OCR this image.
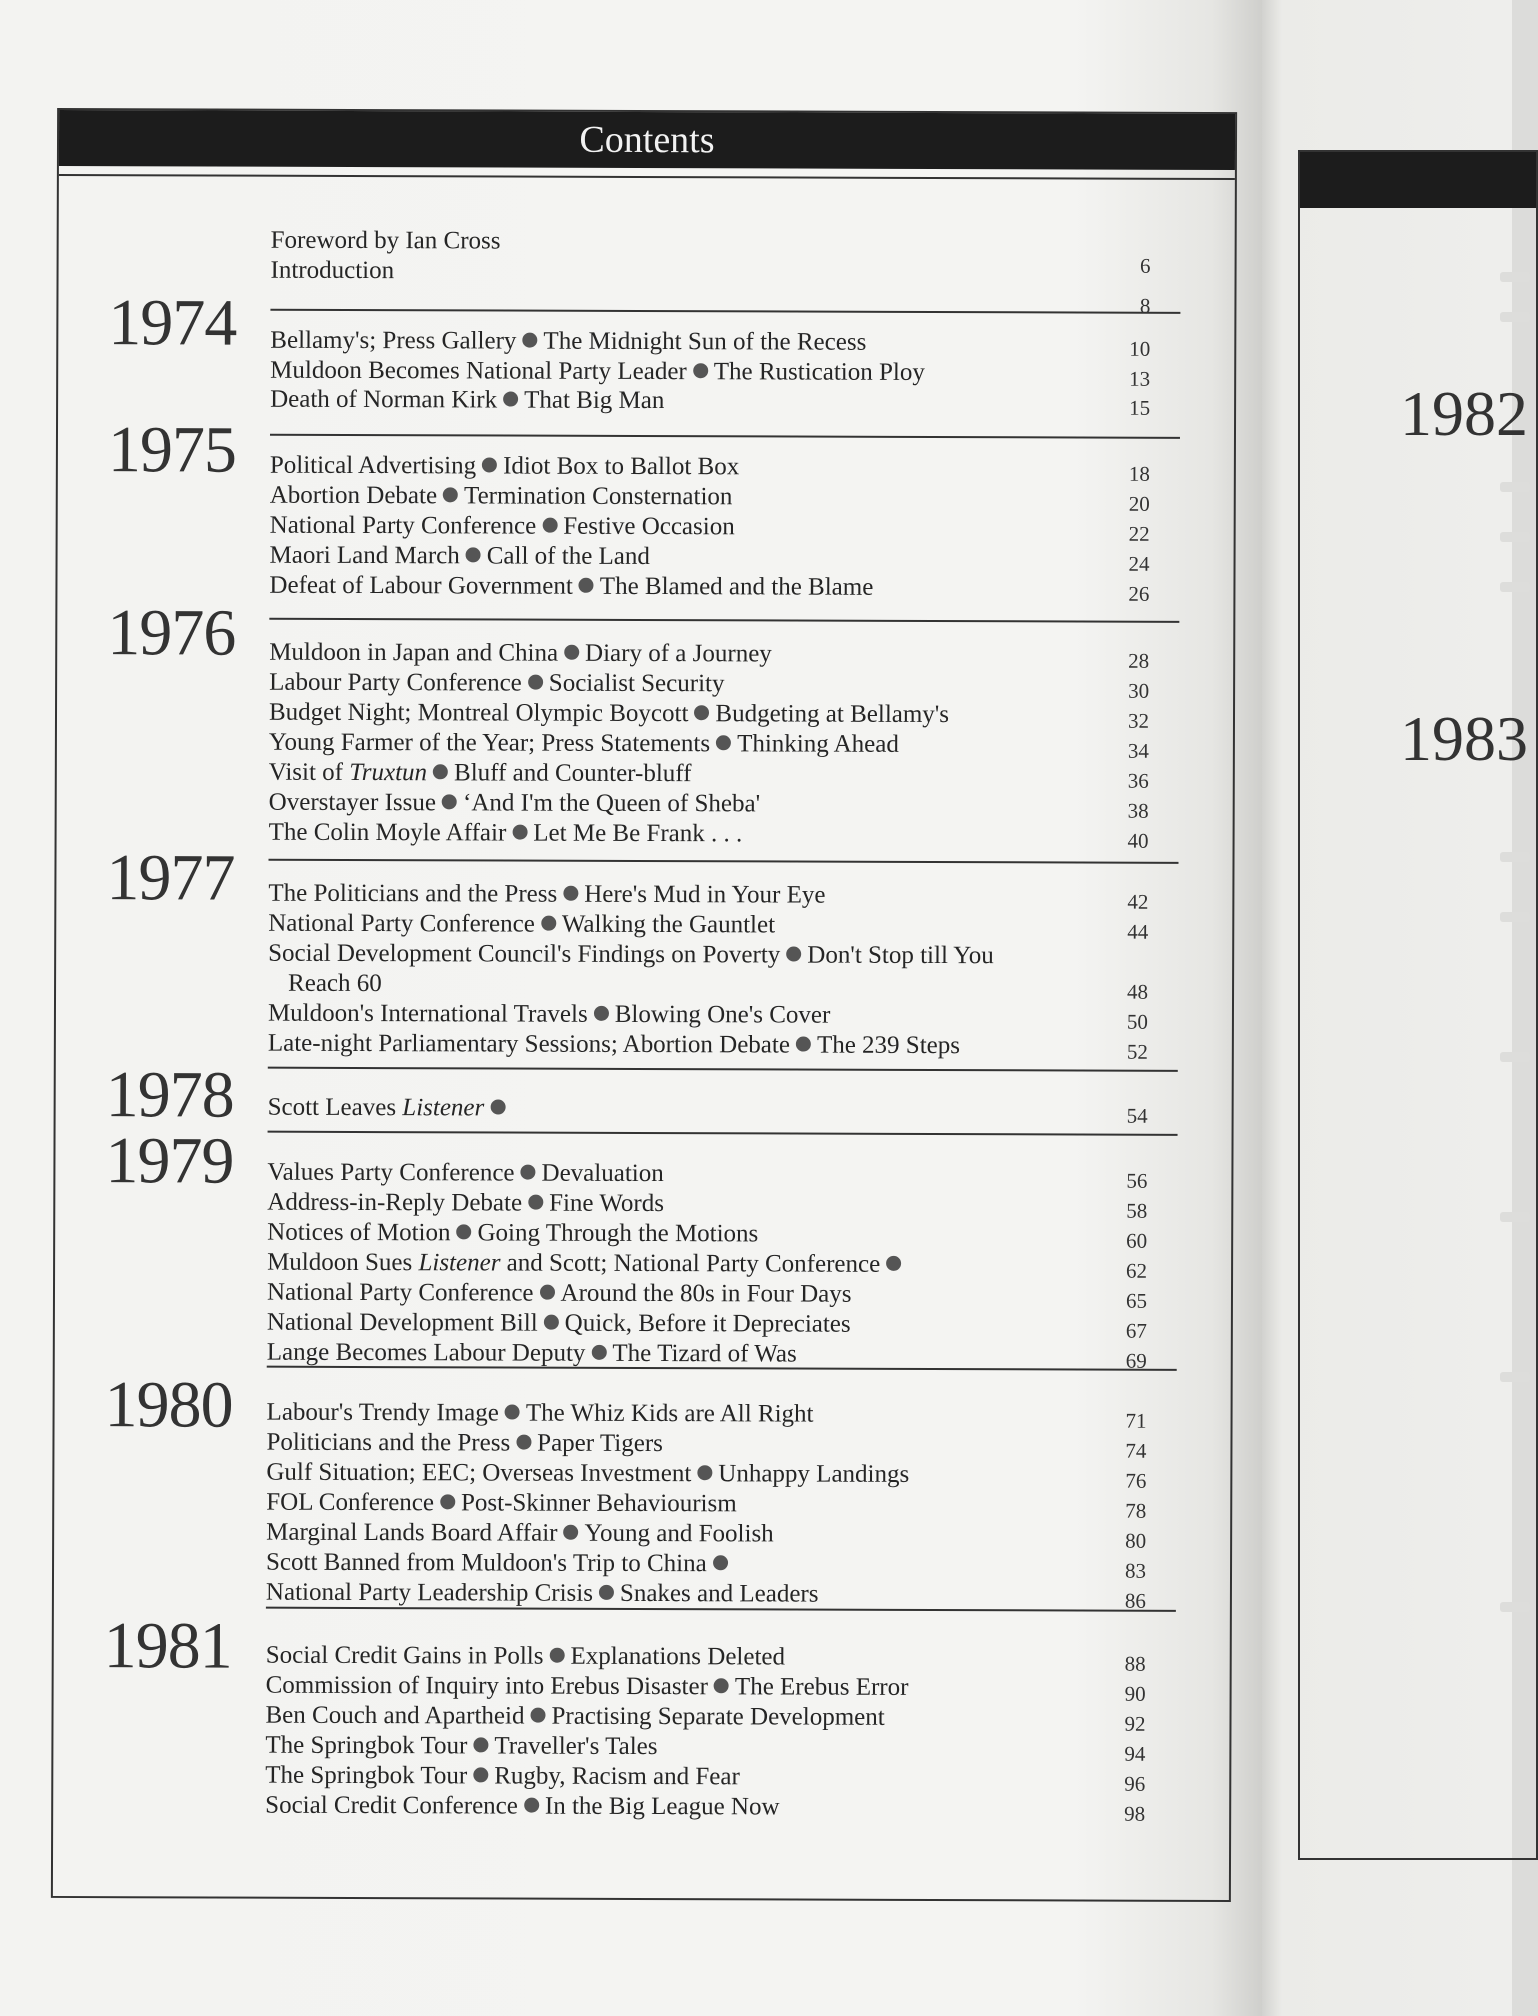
Contents
Foreword by Ian Cross
6
Introduction
8
1974 Bellamy's; Press Gallery The Midnight Sun of the Recess	10
Muldoon Becomes National Party Leader The Rustication Ploy	13
Death of Norman Kirk That Big Man	15
1975 Political Advertising Idiot Box to Ballot Box	18
Abortion Debate Termination Consternation	20
National Party Conference Festive Occasion	22
Maori Land March Call of the Land	24
Defeat of Labour Government The Blamed and the Blame	26
1976 Muldoon in Japan and China Diary of a Journey	28
Labour Party Conference Socialist Security	30
Budget Night; Montreal Olympic Boycott Budgeting at Bellamy's	32
Young Farmer of the Year; Press Statements Thinking Ahead	34
Visit of Truxtun Bluff and Counter-bluff	36
Overstayer Issue ‘And I'm the Queen of Sheba'	38
The Colin Moyle Affair Let Me Be Frank . . .	40
1977 The Politicians and the Press Here's Mud in Your Eye	42
National Party Conference Walking the Gauntlet	44
Social Development Council's Findings on Poverty Don't Stop till You
Reach 60	48
Muldoon's International Travels Blowing One's Cover	50
Late-night Parliamentary Sessions; Abortion Debate The 239 Steps	52
1978 Scott Leaves Listener	54
1979 Values Party Conference Devaluation	56
Address-in-Reply Debate Fine Words	58
Notices of Motion Going Through the Motions	60
Muldoon Sues Listener and Scott; National Party Conference	62
National Party Conference Around the 80s in Four Days	65
National Development Bill Quick, Before it Depreciates	67
Lange Becomes Labour Deputy The Tizard of Was	69
1980 Labour's Trendy Image The Whiz Kids are All Right	71
Politicians and the Press Paper Tigers	74
Gulf Situation; EEC; Overseas Investment Unhappy Landings	76
FOL Conference Post-Skinner Behaviourism	78
Marginal Lands Board Affair Young and Foolish	80
Scott Banned from Muldoon's Trip to China	83
National Party Leadership Crisis Snakes and Leaders	86
1981 Social Credit Gains in Polls Explanations Deleted	88
Commission of Inquiry into Erebus Disaster The Erebus Error	90
Ben Couch and Apartheid Practising Separate Development	92
The Springbok Tour Traveller's Tales	94
The Springbok Tour Rugby, Racism and Fear	96
Social Credit Conference In the Big League Now	98
1982
1983
